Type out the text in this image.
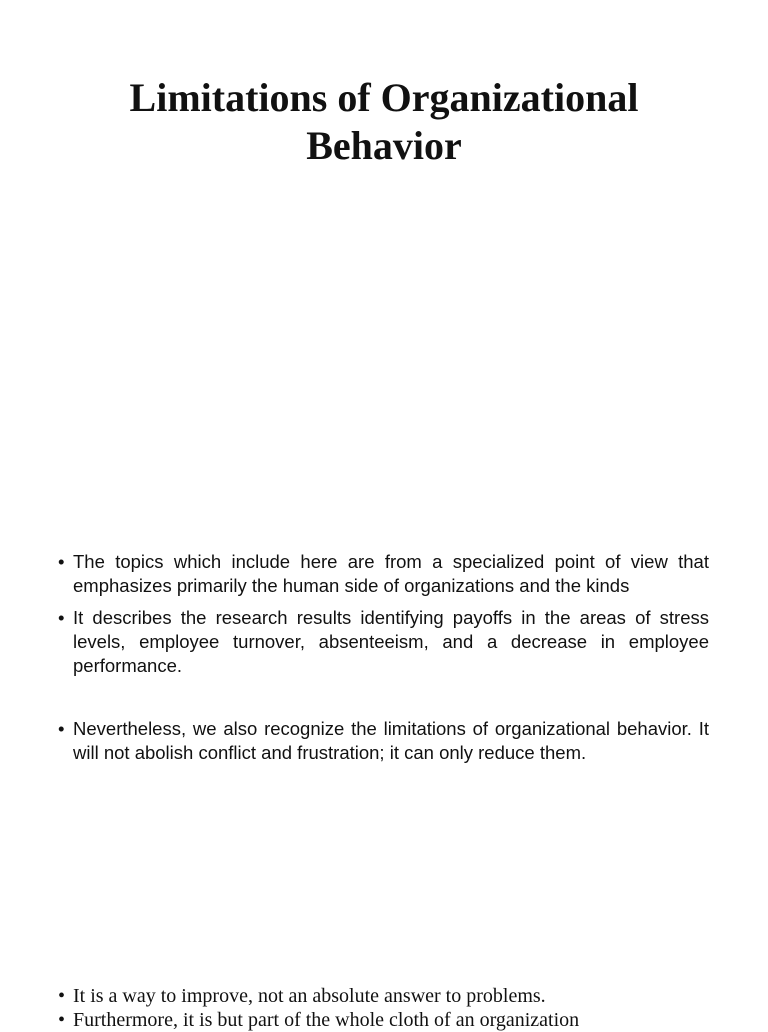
Limitations of Organizational Behavior
• The topics which include here are from a specialized point of view that emphasizes primarily the human side of organizations and the kinds
• It describes the research results identifying payoffs in the areas of stress levels, employee turnover, absenteeism, and a decrease in employee performance.
• Nevertheless, we also recognize the limitations of organizational behavior. It will not abolish conflict and frustration; it can only reduce them.
• It is a way to improve, not an absolute answer to problems.
• Furthermore, it is but part of the whole cloth of an organization
